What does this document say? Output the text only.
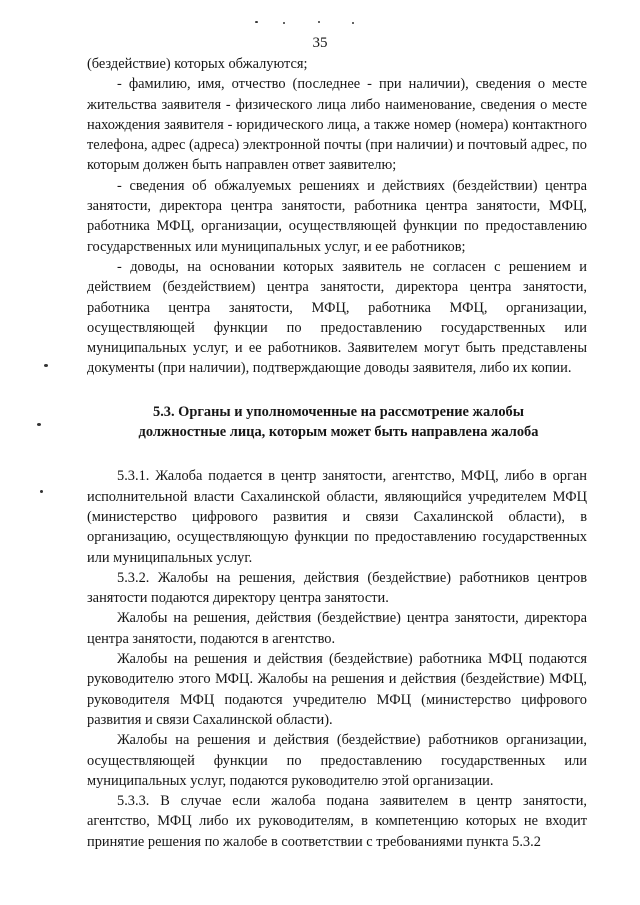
35

(бездействие) которых обжалуются;

- фамилию, имя, отчество (последнее - при наличии), сведения о месте жительства заявителя - физического лица либо наименование, сведения о месте нахождения заявителя - юридического лица, а также номер (номера) контактного телефона, адрес (адреса) электронной почты (при наличии) и почтовый адрес, по которым должен быть направлен ответ заявителю;

- сведения об обжалуемых решениях и действиях (бездействии) центра занятости, директора центра занятости, работника центра занятости, МФЦ, работника МФЦ, организации, осуществляющей функции по предоставлению государственных или муниципальных услуг, и ее работников;

- доводы, на основании которых заявитель не согласен с решением и действием (бездействием) центра занятости, директора центра занятости, работника центра занятости, МФЦ, работника МФЦ, организации, осуществляющей функции по предоставлению государственных или муниципальных услуг, и ее работников. Заявителем могут быть представлены документы (при наличии), подтверждающие доводы заявителя, либо их копии.

5.3. Органы и уполномоченные на рассмотрение жалобы
должностные лица, которым может быть направлена жалоба

5.3.1. Жалоба подается в центр занятости, агентство, МФЦ, либо в орган исполнительной власти Сахалинской области, являющийся учредителем МФЦ (министерство цифрового развития и связи Сахалинской области), в организацию, осуществляющую функции по предоставлению государственных или муниципальных услуг.

5.3.2. Жалобы на решения, действия (бездействие) работников центров занятости подаются директору центра занятости.

Жалобы на решения, действия (бездействие) центра занятости, директора центра занятости, подаются в агентство.

Жалобы на решения и действия (бездействие) работника МФЦ подаются руководителю этого МФЦ. Жалобы на решения и действия (бездействие) МФЦ, руководителя МФЦ подаются учредителю МФЦ (министерство цифрового развития и связи Сахалинской области).

Жалобы на решения и действия (бездействие) работников организации, осуществляющей функции по предоставлению государственных или муниципальных услуг, подаются руководителю этой организации.

5.3.3. В случае если жалоба подана заявителем в центр занятости, агентство, МФЦ либо их руководителям, в компетенцию которых не входит принятие решения по жалобе в соответствии с требованиями пункта 5.3.2
